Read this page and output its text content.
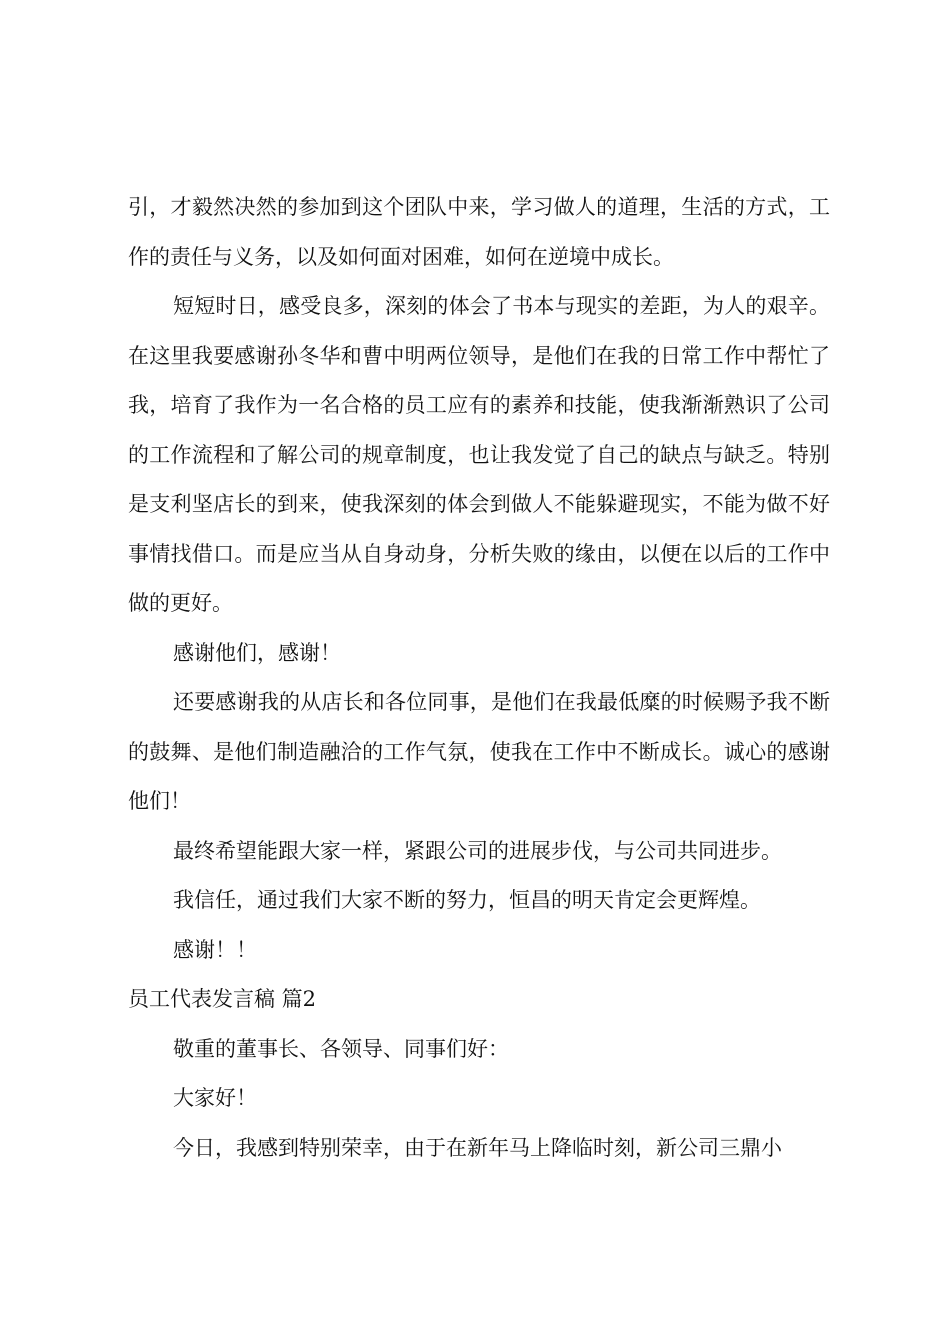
引，才毅然决然的参加到这个团队中来，学习做人的道理，生活的方式，工作的责任与义务，以及如何面对困难，如何在逆境中成长。

短短时日，感受良多，深刻的体会了书本与现实的差距，为人的艰辛。在这里我要感谢孙冬华和曹中明两位领导，是他们在我的日常工作中帮忙了我，培育了我作为一名合格的员工应有的素养和技能，使我渐渐熟识了公司的工作流程和了解公司的规章制度，也让我发觉了自己的缺点与缺乏。特别是支利坚店长的到来，使我深刻的体会到做人不能躲避现实，不能为做不好事情找借口。而是应当从自身动身，分析失败的缘由，以便在以后的工作中做的更好。

感谢他们，感谢！

还要感谢我的从店长和各位同事，是他们在我最低糜的时候赐予我不断的鼓舞、是他们制造融洽的工作气氛，使我在工作中不断成长。诚心的感谢他们！

最终希望能跟大家一样，紧跟公司的进展步伐，与公司共同进步。

我信任，通过我们大家不断的努力，恒昌的明天肯定会更辉煌。

感谢！！

员工代表发言稿 篇2

敬重的董事长、各领导、同事们好：

大家好！

今日，我感到特别荣幸，由于在新年马上降临时刻，新公司三鼎小
